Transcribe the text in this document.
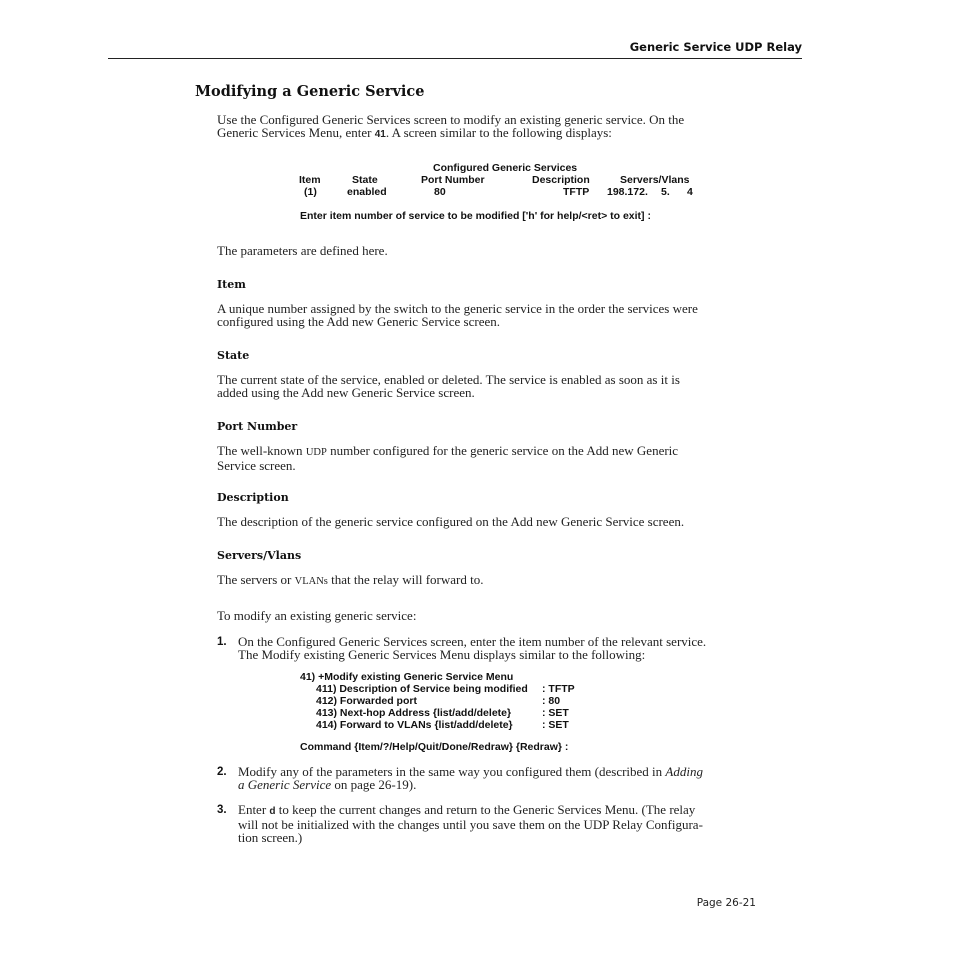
Generic Service UDP Relay
Modifying a Generic Service
Use the Configured Generic Services screen to modify an existing generic service. On the
Generic Services Menu, enter 41. A screen similar to the following displays:
Configured Generic Services
Item	State	Port Number	Description	Servers/Vlans
(1)	enabled	80	TFTP 198.172. 5. 4
Enter item number of service to be modified ['h' for help/<ret> to exit] :
The parameters are defined here.
Item
A unique number assigned by the switch to the generic service in the order the services were
configured using the Add new Generic Service screen.
State
The current state of the service, enabled or deleted. The service is enabled as soon as it is
added using the Add new Generic Service screen.
Port Number
The well-known UDP number configured for the generic service on the Add new Generic
Service screen.
Description
The description of the generic service configured on the Add new Generic Service screen.
Servers/Vlans
The servers or VLANs that the relay will forward to.
To modify an existing generic service:
1. On the Configured Generic Services screen, enter the item number of the relevant service.
The Modify existing Generic Services Menu displays similar to the following:
41) +Modify existing Generic Service Menu
411) Description of Service being modified : TFTP
412) Forwarded port	: 80
413) Next-hop Address {list/add/delete}	: SET
414) Forward to VLANs {list/add/delete}	: SET
Command {Item/?/Help/Quit/Done/Redraw} {Redraw} :
2. Modify any of the parameters in the same way you configured them (described in Adding
a Generic Service on page 26-19).
3. Enter d to keep the current changes and return to the Generic Services Menu. (The relay
will not be initialized with the changes until you save them on the UDP Relay Configura-
tion screen.)
Page 26-21
